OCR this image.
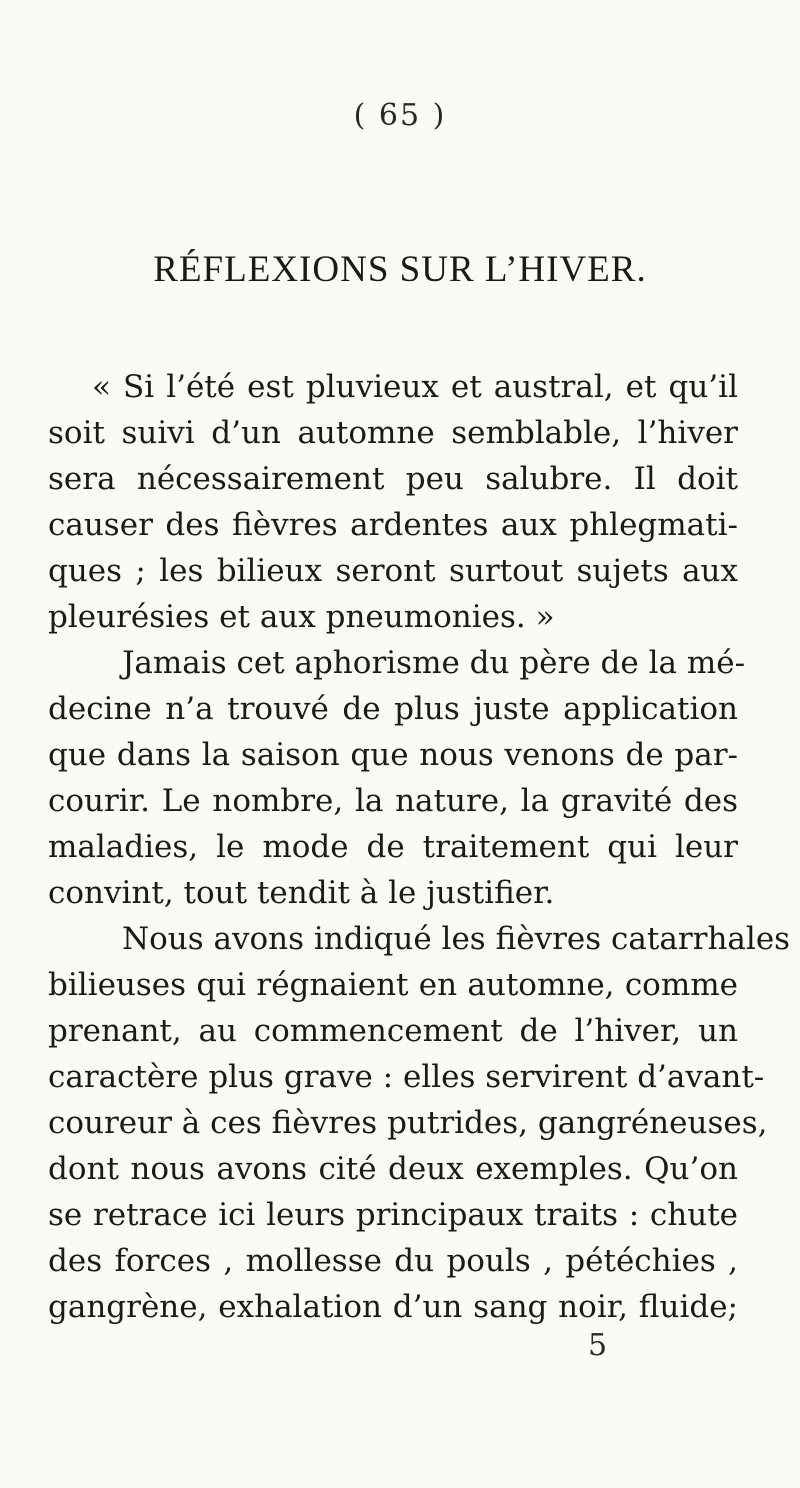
( 65 )
RÉFLEXIONS SUR L’HIVER.
« Si l’été est pluvieux et austral, et qu’il
soit suivi d’un automne semblable, l’hiver
sera nécessairement peu salubre. Il doit
causer des fièvres ardentes aux phlegmati-
ques ; les bilieux seront surtout sujets aux
pleurésies et aux pneumonies. »
Jamais cet aphorisme du père de la mé-
decine n’a trouvé de plus juste application
que dans la saison que nous venons de par-
courir. Le nombre, la nature, la gravité des
maladies, le mode de traitement qui leur
convint, tout tendit à le justifier.
Nous avons indiqué les fièvres catarrhales
bilieuses qui régnaient en automne, comme
prenant, au commencement de l’hiver, un
caractère plus grave : elles servirent d’avant-
coureur à ces fièvres putrides, gangréneuses,
dont nous avons cité deux exemples. Qu’on
se retrace ici leurs principaux traits : chute
des forces , mollesse du pouls , pétéchies ,
gangrène, exhalation d’un sang noir, fluide;
5
